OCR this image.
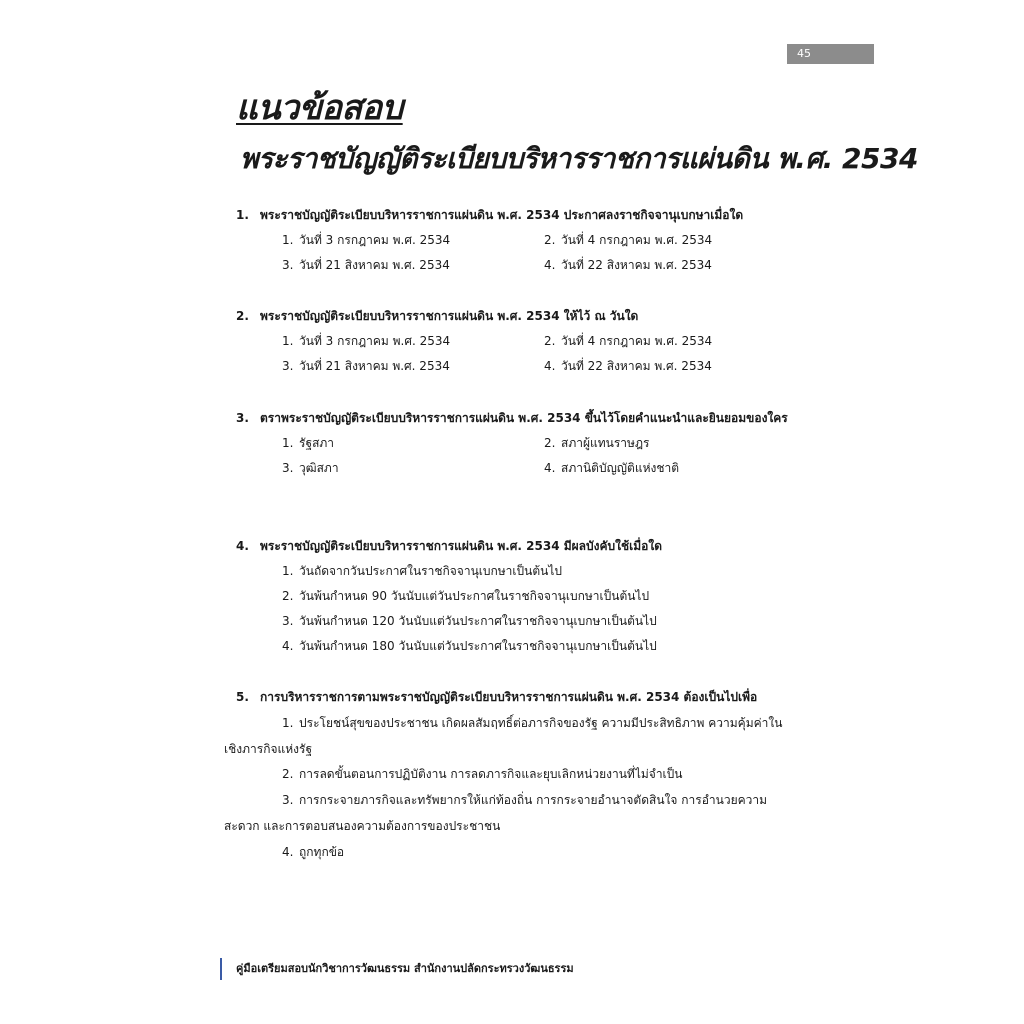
45
แนวข้อสอบ
พระราชบัญญัติระเบียบบริหารราชการแผ่นดิน พ.ศ. 2534
1. พระราชบัญญัติระเบียบบริหารราชการแผ่นดิน พ.ศ. 2534 ประกาศลงราชกิจจานุเบกษาเมื่อใด
1. วันที่ 3 กรกฎาคม พ.ศ. 2534	2. วันที่ 4 กรกฎาคม พ.ศ. 2534
3. วันที่ 21 สิงหาคม พ.ศ. 2534	4. วันที่ 22 สิงหาคม พ.ศ. 2534
2. พระราชบัญญัติระเบียบบริหารราชการแผ่นดิน พ.ศ. 2534 ให้ไว้ ณ วันใด
1. วันที่ 3 กรกฎาคม พ.ศ. 2534	2. วันที่ 4 กรกฎาคม พ.ศ. 2534
3. วันที่ 21 สิงหาคม พ.ศ. 2534	4. วันที่ 22 สิงหาคม พ.ศ. 2534
3. ตราพระราชบัญญัติระเบียบบริหารราชการแผ่นดิน พ.ศ. 2534 ขึ้นไว้โดยคำแนะนำและยินยอมของใคร
1. รัฐสภา	2. สภาผู้แทนราษฎร
3. วุฒิสภา	4. สภานิติบัญญัติแห่งชาติ
4. พระราชบัญญัติระเบียบบริหารราชการแผ่นดิน พ.ศ. 2534 มีผลบังคับใช้เมื่อใด
1. วันถัดจากวันประกาศในราชกิจจานุเบกษาเป็นต้นไป
2. วันพ้นกำหนด 90 วันนับแต่วันประกาศในราชกิจจานุเบกษาเป็นต้นไป
3. วันพ้นกำหนด 120 วันนับแต่วันประกาศในราชกิจจานุเบกษาเป็นต้นไป
4. วันพ้นกำหนด 180 วันนับแต่วันประกาศในราชกิจจานุเบกษาเป็นต้นไป
5. การบริหารราชการตามพระราชบัญญัติระเบียบบริหารราชการแผ่นดิน พ.ศ. 2534 ต้องเป็นไปเพื่อ

1. ประโยชน์สุขของประชาชน เกิดผลสัมฤทธิ์ต่อภารกิจของรัฐ ความมีประสิทธิภาพ ความคุ้มค่าในเชิงภารกิจแห่งรัฐ

2. การลดขั้นตอนการปฏิบัติงาน การลดภารกิจและยุบเลิกหน่วยงานที่ไม่จำเป็น

3. การกระจายภารกิจและทรัพยากรให้แก่ท้องถิ่น การกระจายอำนาจตัดสินใจ การอำนวยความสะดวก และการตอบสนองความต้องการของประชาชน

4. ถูกทุกข้อ

คู่มือเตรียมสอบนักวิชาการวัฒนธรรม สำนักงานปลัดกระทรวงวัฒนธรรม
